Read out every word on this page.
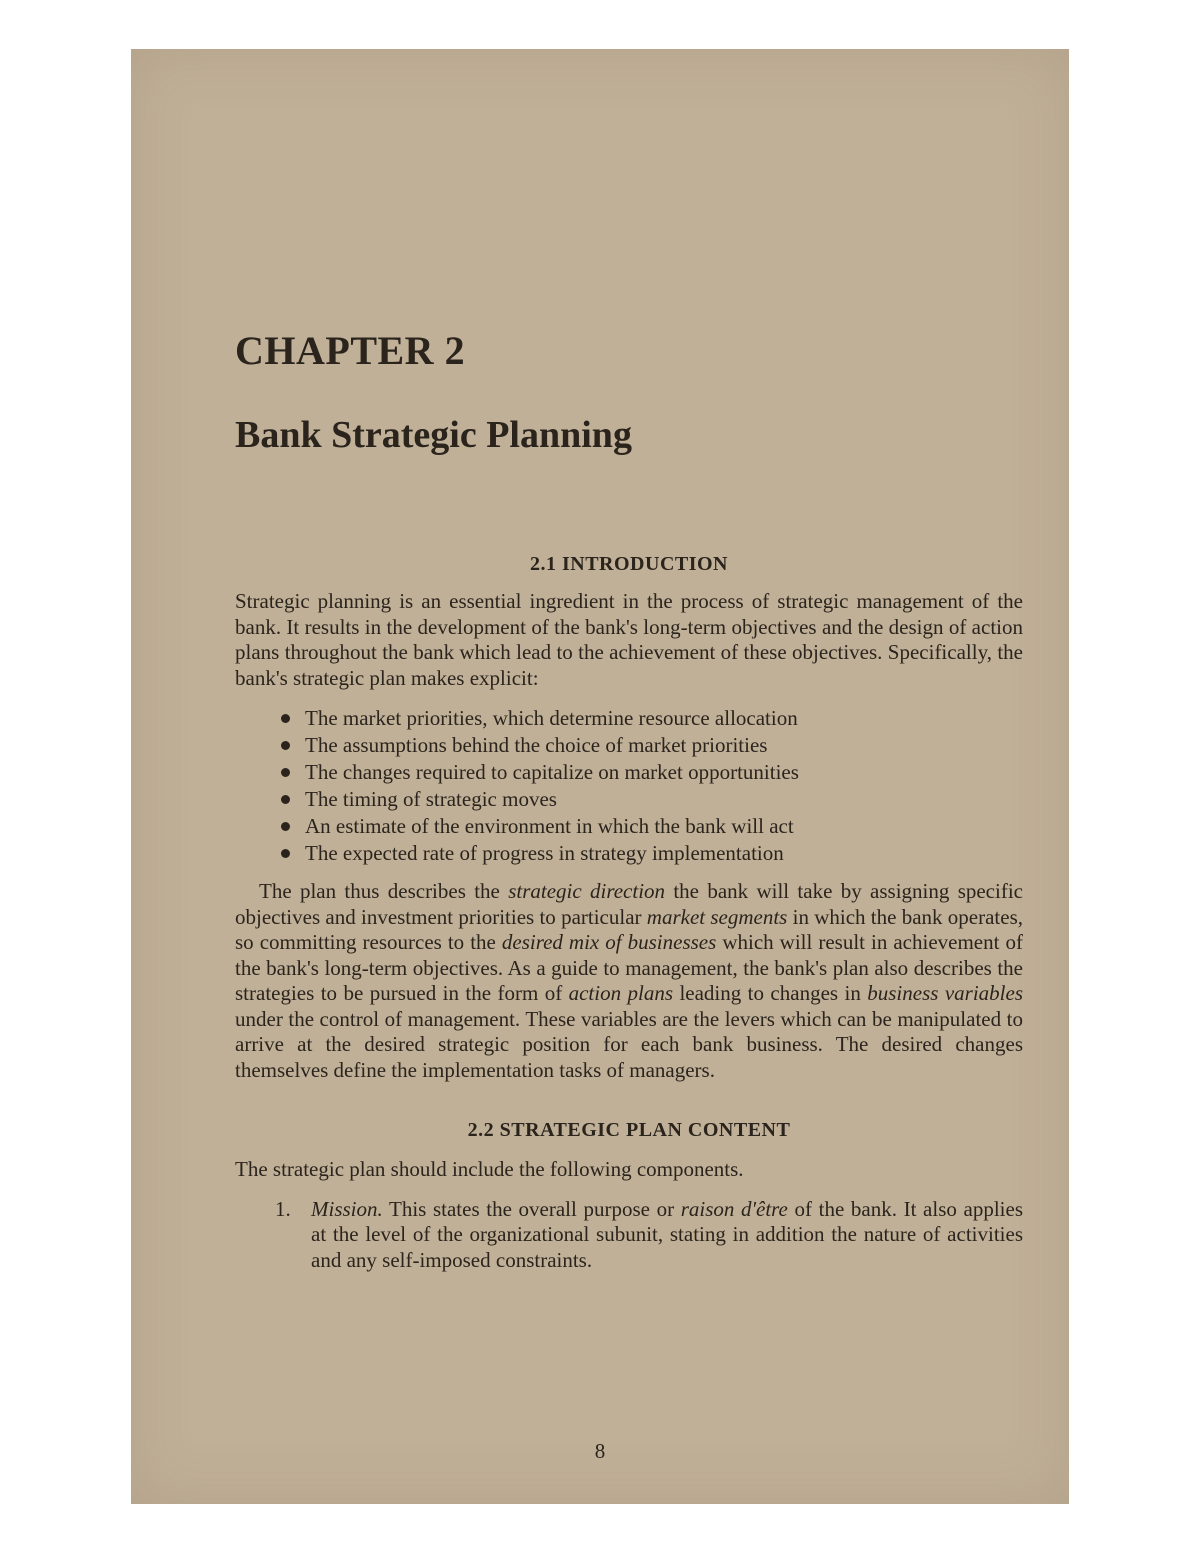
CHAPTER 2
Bank Strategic Planning
2.1 INTRODUCTION

Strategic planning is an essential ingredient in the process of strategic management of the bank. It results in the development of the bank's long-term objectives and the design of action plans throughout the bank which lead to the achievement of these objectives. Specifically, the bank's strategic plan makes explicit:

The market priorities, which determine resource allocation
The assumptions behind the choice of market priorities
The changes required to capitalize on market opportunities
The timing of strategic moves
An estimate of the environment in which the bank will act
The expected rate of progress in strategy implementation

The plan thus describes the strategic direction the bank will take by assigning specific objectives and investment priorities to particular market segments in which the bank operates, so committing resources to the desired mix of businesses which will result in achievement of the bank's long-term objectives. As a guide to management, the bank's plan also describes the strategies to be pursued in the form of action plans leading to changes in business variables under the control of management. These variables are the levers which can be manipulated to arrive at the desired strategic position for each bank business. The desired changes themselves define the implementation tasks of managers.

2.2 STRATEGIC PLAN CONTENT

The strategic plan should include the following components.

1. Mission. This states the overall purpose or raison d'être of the bank. It also applies at the level of the organizational subunit, stating in addition the nature of activities and any self-imposed constraints.
8
